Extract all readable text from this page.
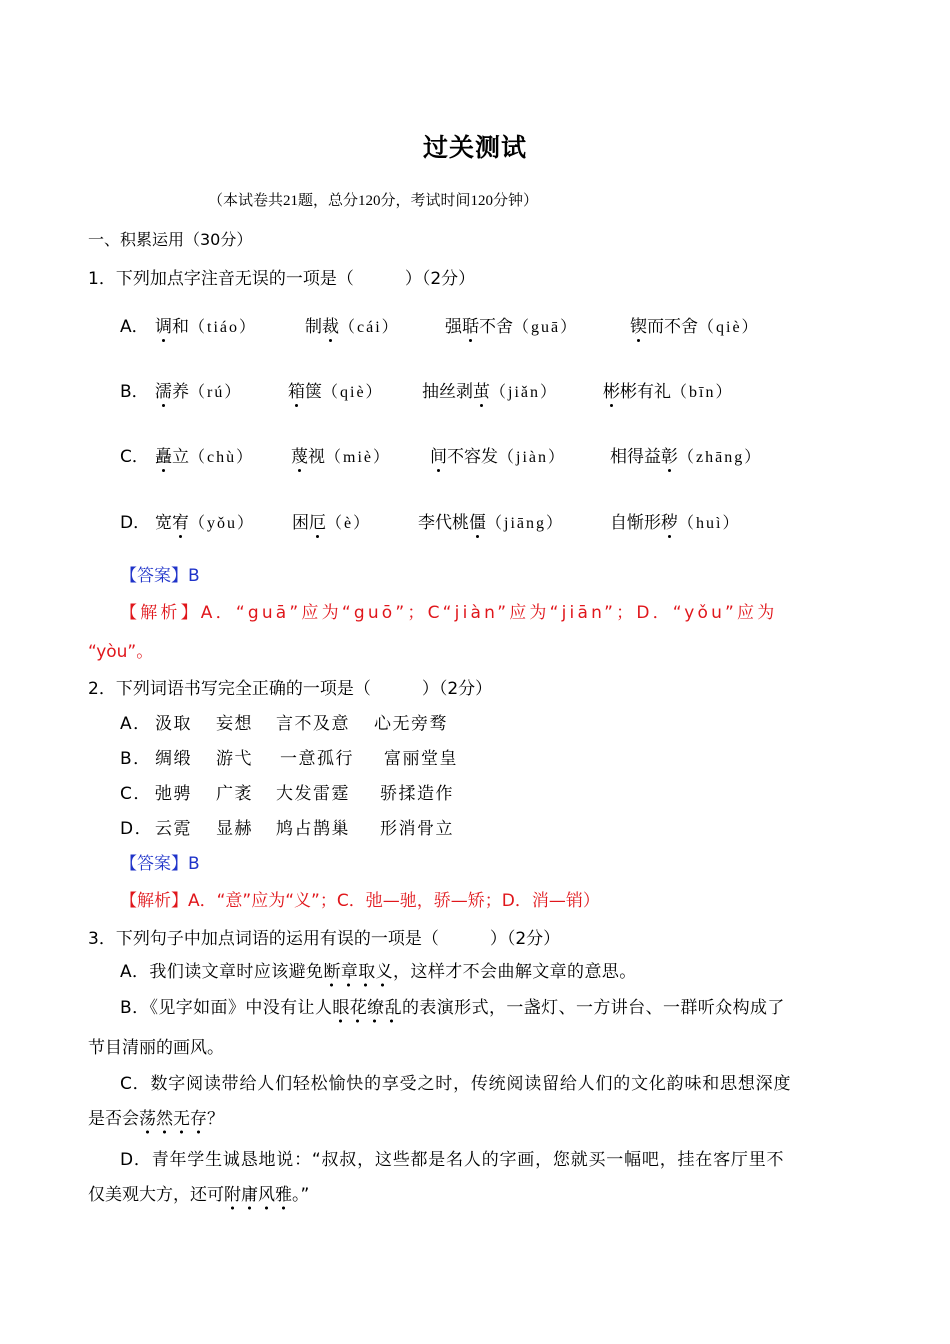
过关测试
（本试卷共21题，总分120分，考试时间120分钟）
一、积累运用（30分）
1．下列加点字注音无误的一项是（　　　）（2分）
A． 调和（tiáo）	制裁（cái）	强聒不舍（guā）	锲而不舍（qiè）
B． 濡养（rú）	箱箧（qiè） 抽丝剥茧（jiǎn）	彬彬有礼（bīn）
C． 矗立（chù） 蔑视（miè） 间不容发（jiàn）	相得益彰（zhāng）
D． 宽宥（yǒu） 困厄（è）	李代桃僵（jiāng）	自惭形秽（huì）
【答案】B
【解析】A．“guā”应为“guō”；C“jiàn”应为“jiān”；D．“yǒu”应为
“yòu”。
2．下列词语书写完全正确的一项是（　　　）（2分）
A． 汲取 妄想 言不及意 心无旁骛
B． 绸缎 游弋 一意孤行 富丽堂皇
C． 弛骋 广袤 大发雷霆 骄揉造作
D． 云霓 显赫 鸠占鹊巢 形消骨立
【答案】B
【解析】A．“意”应为“义”；C．弛—驰，骄—矫；D．消—销）
3．下列句子中加点词语的运用有误的一项是（　　　）（2分）
A．我们读文章时应该避免断章取义，这样才不会曲解文章的意思。
B．《见字如面》中没有让人眼花缭乱的表演形式，一盏灯、一方讲台、一群听众构成了
节目清丽的画风。
C．数字阅读带给人们轻松愉快的享受之时，传统阅读留给人们的文化韵味和思想深度
是否会荡然无存？
D．青年学生诚恳地说：“叔叔，这些都是名人的字画，您就买一幅吧，挂在客厅里不
仅美观大方，还可附庸风雅。”
